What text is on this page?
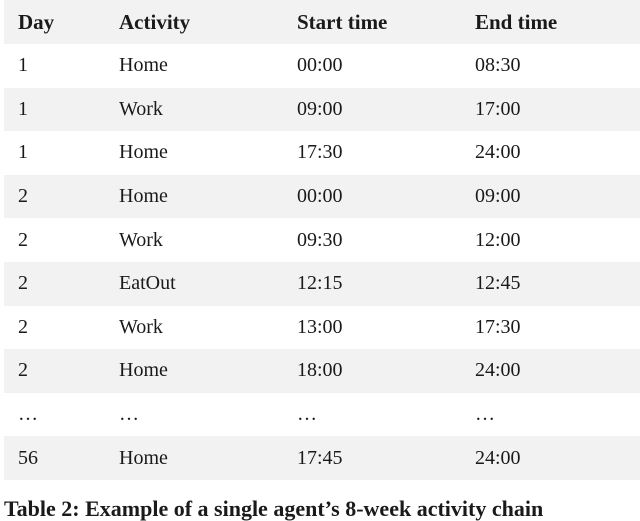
Day	Activity	Start time	End time
1	Home	00:00	08:30
1	Work	09:00	17:00
1	Home	17:30	24:00
2	Home	00:00	09:00
2	Work	09:30	12:00
2	EatOut	12:15	12:45
2	Work	13:00	17:30
2	Home	18:00	24:00
…	…	…	…
56	Home	17:45	24:00

Table 2: Example of a single agent’s 8-week activity chain
